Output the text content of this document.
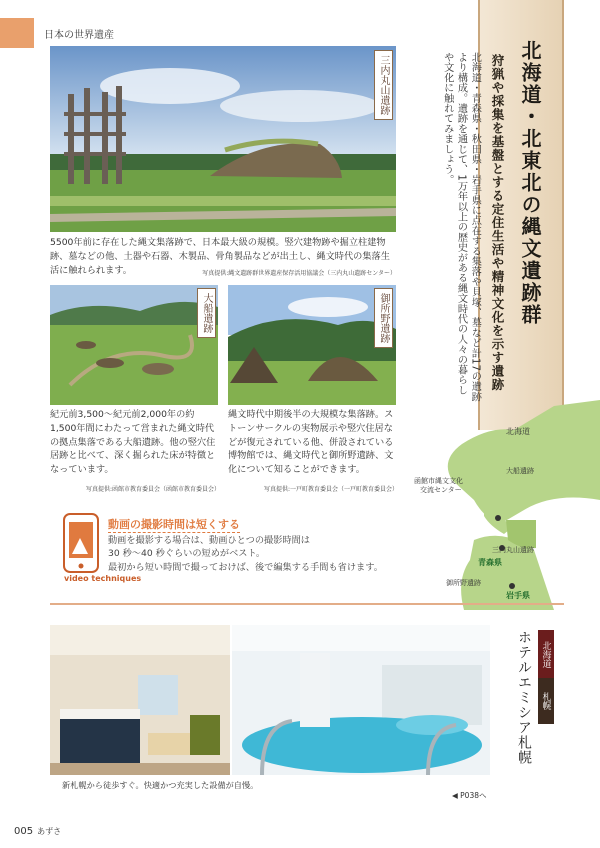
日本の世界遺産
三内丸山遺跡
5500年前に存在した縄文集落跡で、日本最大級の規模。竪穴建物跡や掘立柱建物跡、墓などの他、土器や石器、木製品、骨角製品などが出土し、縄文時代の集落生活に触れられます。	写真提供:縄文遺跡群世界遺産保存活用協議会（三内丸山遺跡センター）
大船遺跡	御所野遺跡
紀元前3,500～紀元前2,000年の約1,500年間にわたって営まれた縄文時代の拠点集落である大船遺跡。他の竪穴住居跡と比べて、深く掘られた床が特徴となっています。
写真提供:函館市教育委員会（函館市教育委員会）
縄文時代中期後半の大規模な集落跡。ストーンサークルの実物展示や竪穴住居などが復元されている他、併設されている博物館では、縄文時代と御所野遺跡、文化について知ることができます。
写真提供:一戸町教育委員会（一戸町教育委員会）
北海道・北東北の縄文遺跡群
狩猟や採集を基盤とする定住生活や精神文化を示す遺跡
北海道・青森県・秋田県・岩手県に点在する集落や貝塚、墓など計17の遺跡より構成。遺跡を通じて、1万年以上の歴史がある縄文時代の人々の暮らしや文化に触れてみましょう。
北海道
大船遺跡
函館市縄文文化
交流センター
三内丸山遺跡
青森県
御所野遺跡
岩手県
video techniques
動画の撮影時間は短くする
動画を撮影する場合は、動画ひとつの撮影時間は
30 秒～40 秒ぐらいの短めがベスト。
最初から短い時間で撮っておけば、後で編集する手間も省けます。
北海道
札幌
ホテルエミシア札幌
新札幌から徒歩すぐ。快適かつ充実した設備が自慢。
◀ P038へ
005 あずさ
